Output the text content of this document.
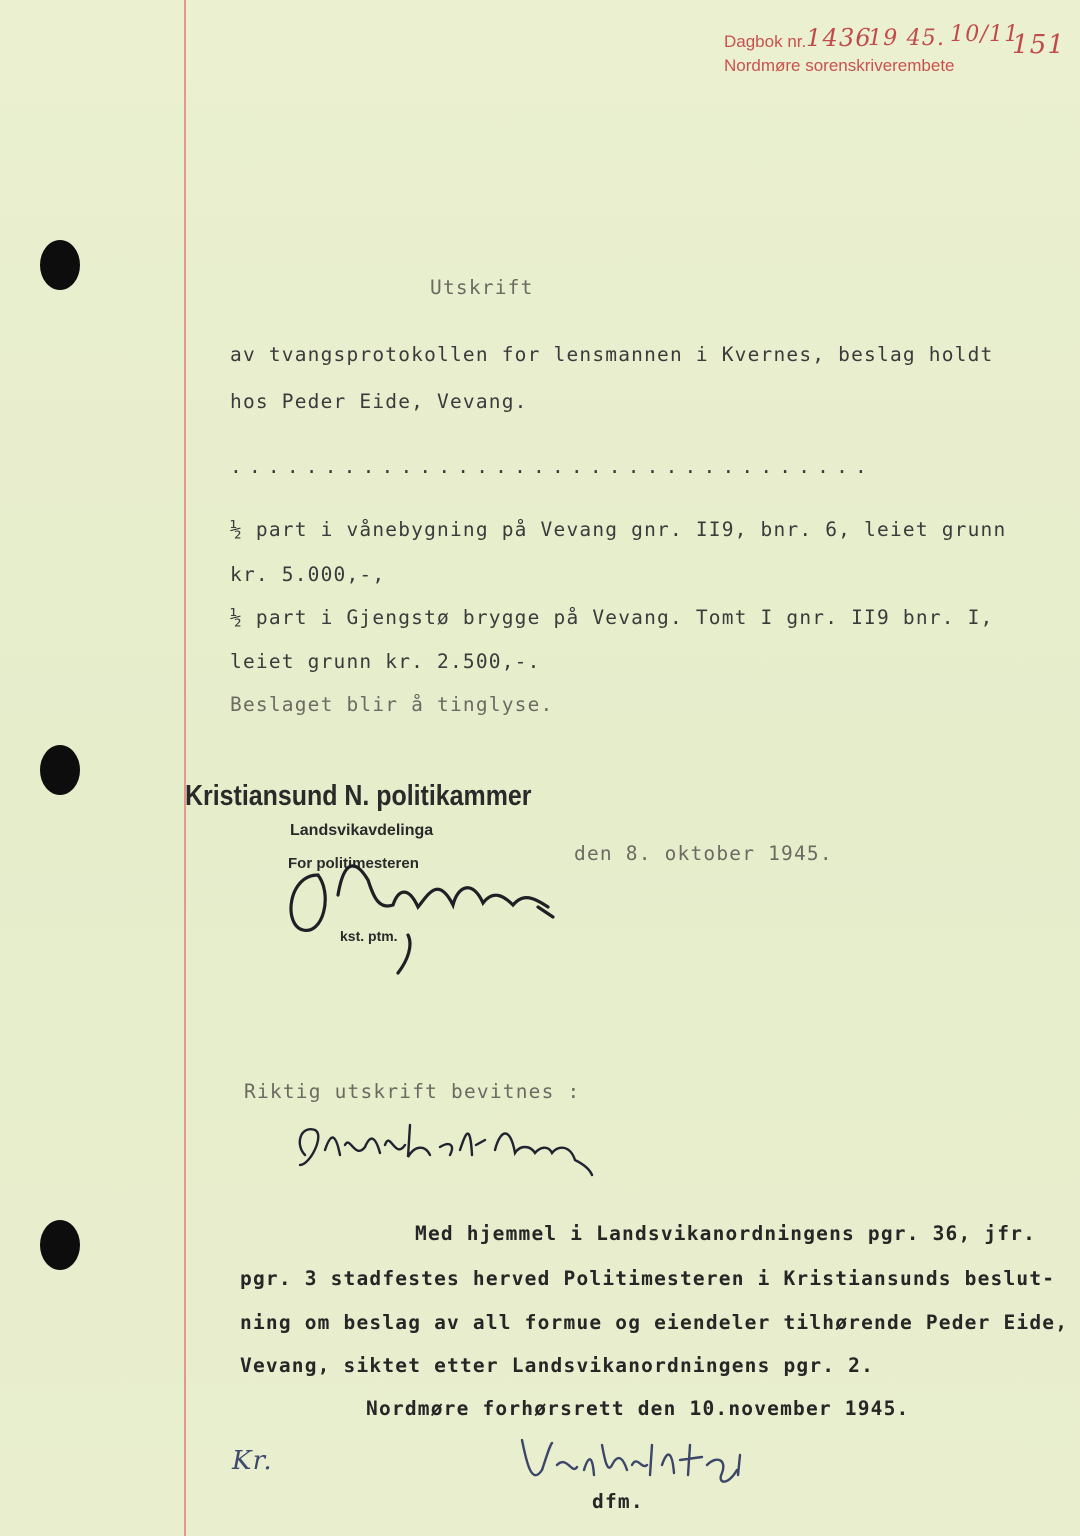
Dagbok nr. 1436
19 45. 10/11
151
Nordmøre sorenskriverembete
Utskrift
av tvangsprotokollen for lensmannen i Kvernes, beslag holdt
hos Peder Eide, Vevang.
..................................
½ part i vånebygning på Vevang gnr. II9, bnr. 6, leiet grunn
kr. 5.000,-,
½ part i Gjengstø brygge på Vevang. Tomt I gnr. II9 bnr. I,
leiet grunn kr. 2.500,-.
Beslaget blir å tinglyse.
Kristiansund N. politikammer
Landsvikavdelinga
For politimesteren
kst. ptm.
den 8. oktober 1945.
Riktig utskrift bevitnes :
Med hjemmel i Landsvikanordningens pgr. 36, jfr.
pgr. 3 stadfestes herved Politimesteren i Kristiansunds beslut-
ning om beslag av all formue og eiendeler tilhørende Peder Eide,
Vevang, siktet etter Landsvikanordningens pgr. 2.
Nordmøre forhørsrett den 10.november 1945.
Kr.
dfm.
